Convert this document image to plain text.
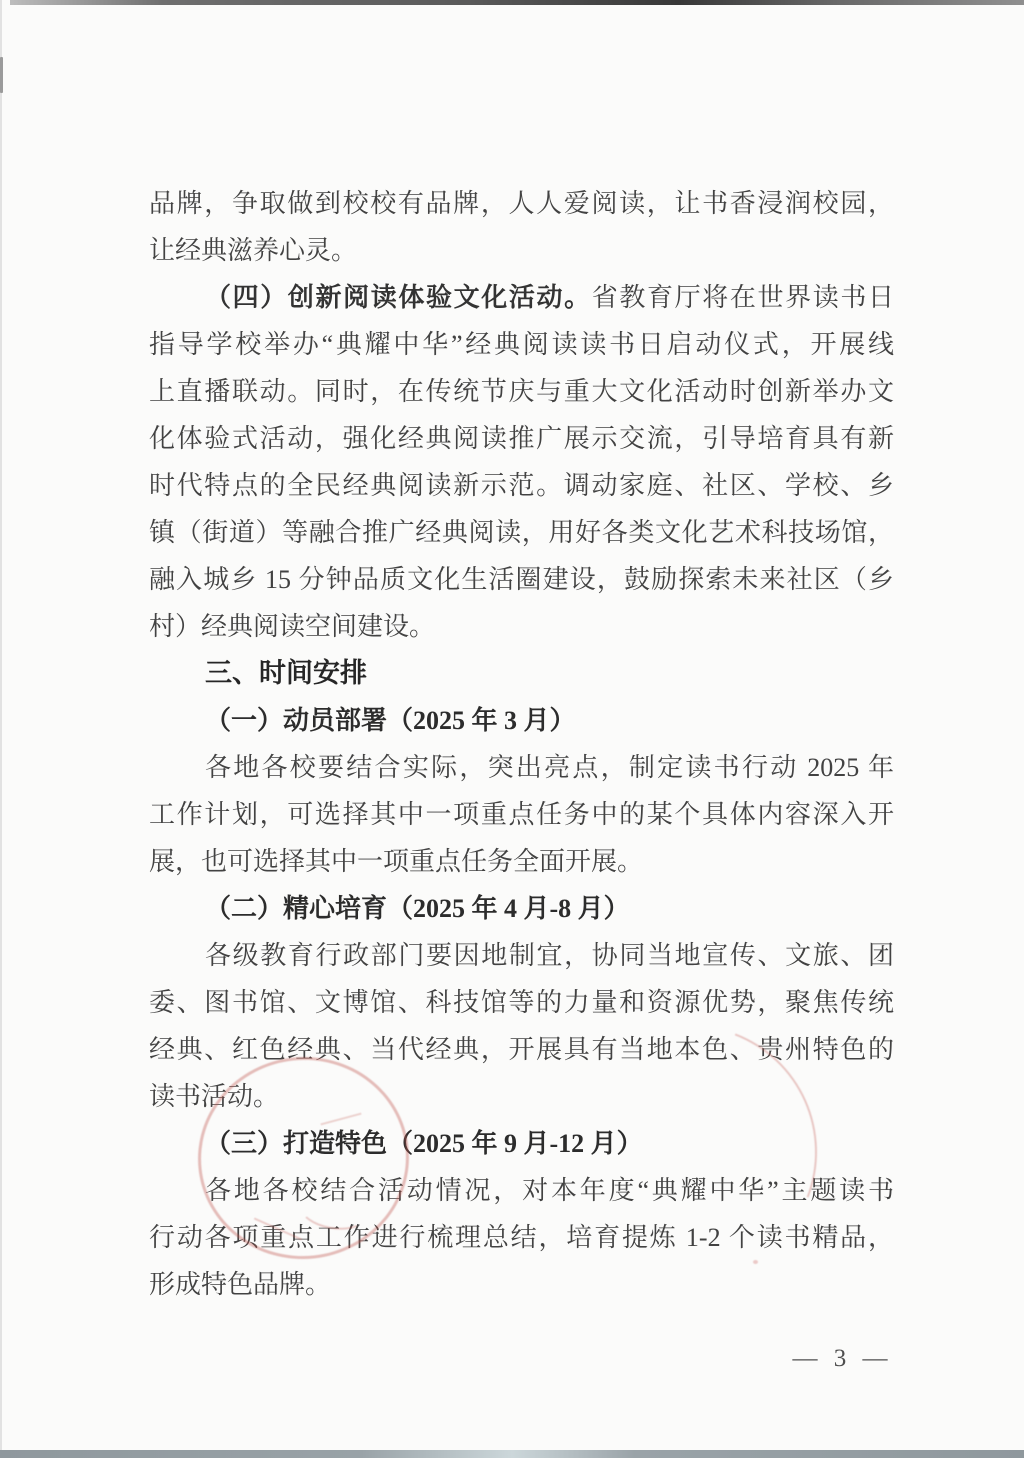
品牌，争取做到校校有品牌，人人爱阅读，让书香浸润校园，
让经典滋养心灵。
（四）创新阅读体验文化活动。省教育厅将在世界读书日
指导学校举办“典耀中华”经典阅读读书日启动仪式，开展线
上直播联动。同时，在传统节庆与重大文化活动时创新举办文
化体验式活动，强化经典阅读推广展示交流，引导培育具有新
时代特点的全民经典阅读新示范。调动家庭、社区、学校、乡
镇（街道）等融合推广经典阅读，用好各类文化艺术科技场馆，
融入城乡 15 分钟品质文化生活圈建设，鼓励探索未来社区（乡
村）经典阅读空间建设。
三、时间安排
（一）动员部署（2025 年 3 月）
各地各校要结合实际，突出亮点，制定读书行动 2025 年
工作计划，可选择其中一项重点任务中的某个具体内容深入开
展，也可选择其中一项重点任务全面开展。
（二）精心培育（2025 年 4 月-8 月）
各级教育行政部门要因地制宜，协同当地宣传、文旅、团
委、图书馆、文博馆、科技馆等的力量和资源优势，聚焦传统
经典、红色经典、当代经典，开展具有当地本色、贵州特色的
读书活动。
（三）打造特色（2025 年 9 月-12 月）
各地各校结合活动情况，对本年度“典耀中华”主题读书
行动各项重点工作进行梳理总结，培育提炼 1-2 个读书精品，
形成特色品牌。
— 3 —
